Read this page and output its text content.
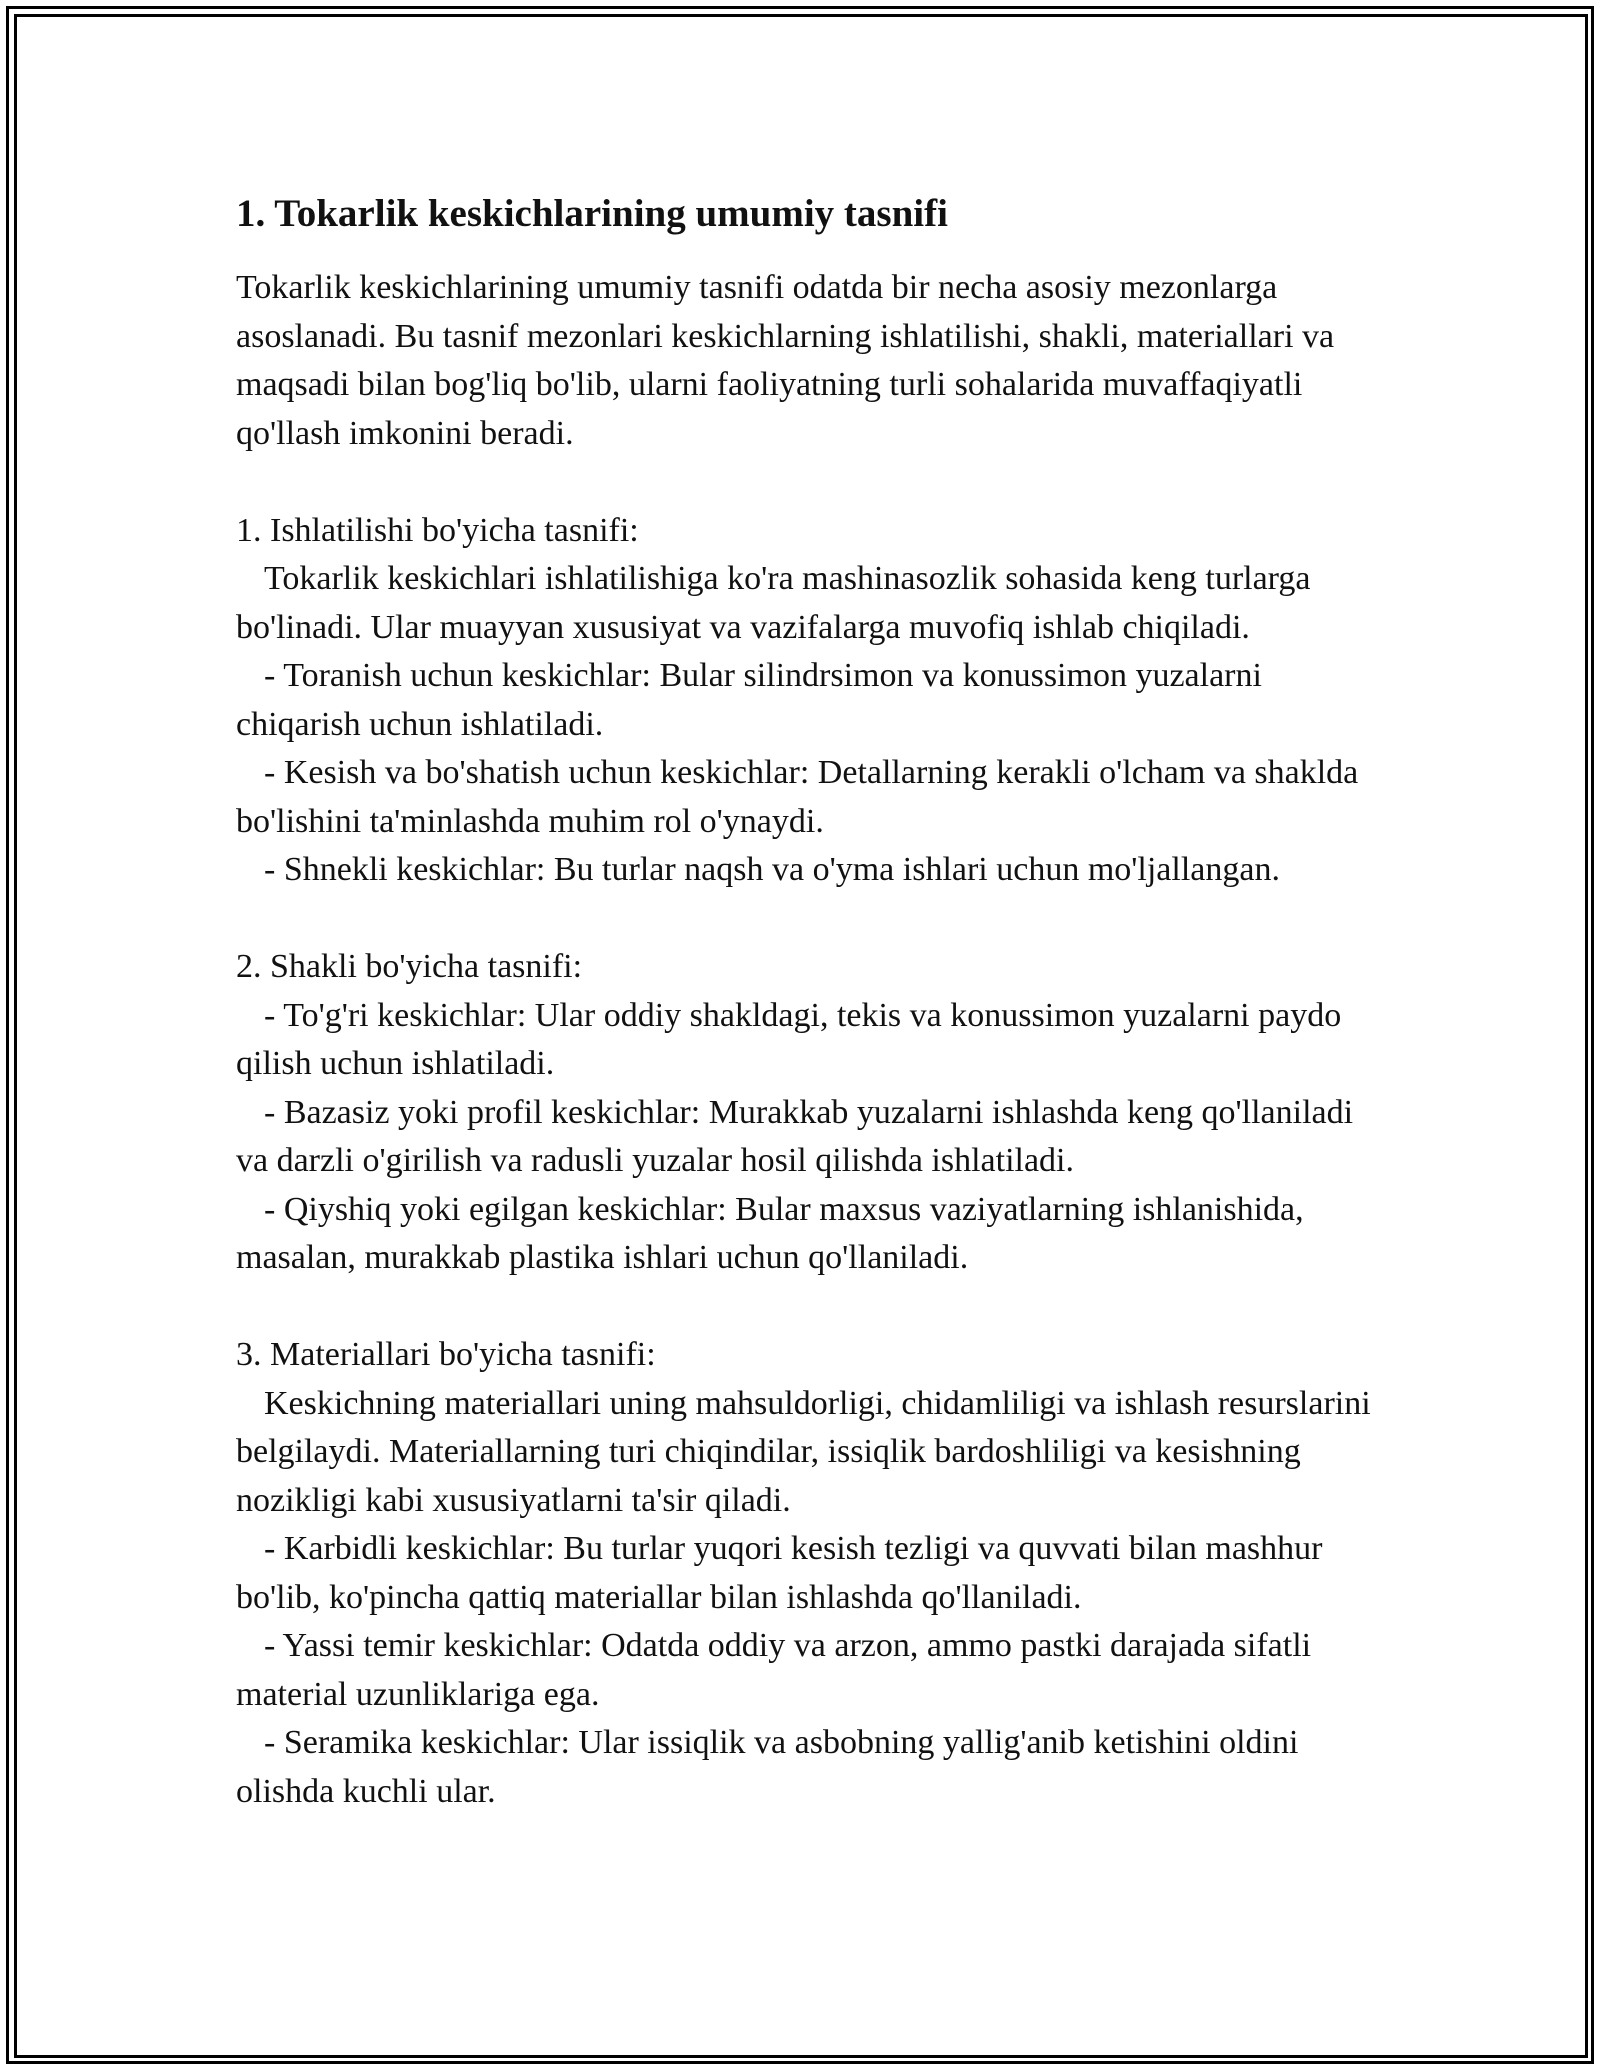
1. Tokarlik keskichlarining umumiy tasnifi

Tokarlik keskichlarining umumiy tasnifi odatda bir necha asosiy mezonlarga asoslanadi. Bu tasnif mezonlari keskichlarning ishlatilishi, shakli, materiallari va maqsadi bilan bog'liq bo'lib, ularni faoliyatning turli sohalarida muvaffaqiyatli qo'llash imkonini beradi.

1. Ishlatilishi bo'yicha tasnifi:

Tokarlik keskichlari ishlatilishiga ko'ra mashinasozlik sohasida keng turlarga bo'linadi. Ular muayyan xususiyat va vazifalarga muvofiq ishlab chiqiladi.

- Toranish uchun keskichlar: Bular silindrsimon va konussimon yuzalarni chiqarish uchun ishlatiladi.

- Kesish va bo'shatish uchun keskichlar: Detallarning kerakli o'lcham va shaklda bo'lishini ta'minlashda muhim rol o'ynaydi.

- Shnekli keskichlar: Bu turlar naqsh va o'yma ishlari uchun mo'ljallangan.

2. Shakli bo'yicha tasnifi:

- To'g'ri keskichlar: Ular oddiy shakldagi, tekis va konussimon yuzalarni paydo qilish uchun ishlatiladi.

- Bazasiz yoki profil keskichlar: Murakkab yuzalarni ishlashda keng qo'llaniladi va darzli o'girilish va radusli yuzalar hosil qilishda ishlatiladi.

- Qiyshiq yoki egilgan keskichlar: Bular maxsus vaziyatlarning ishlanishida, masalan, murakkab plastika ishlari uchun qo'llaniladi.

3. Materiallari bo'yicha tasnifi:

Keskichning materiallari uning mahsuldorligi, chidamliligi va ishlash resurslarini belgilaydi. Materiallarning turi chiqindilar, issiqlik bardoshliligi va kesishning nozikligi kabi xususiyatlarni ta'sir qiladi.

- Karbidli keskichlar: Bu turlar yuqori kesish tezligi va quvvati bilan mashhur bo'lib, ko'pincha qattiq materiallar bilan ishlashda qo'llaniladi.

- Yassi temir keskichlar: Odatda oddiy va arzon, ammo pastki darajada sifatli material uzunliklariga ega.

- Seramika keskichlar: Ular issiqlik va asbobning yallig'anib ketishini oldini olishda kuchli ular.
